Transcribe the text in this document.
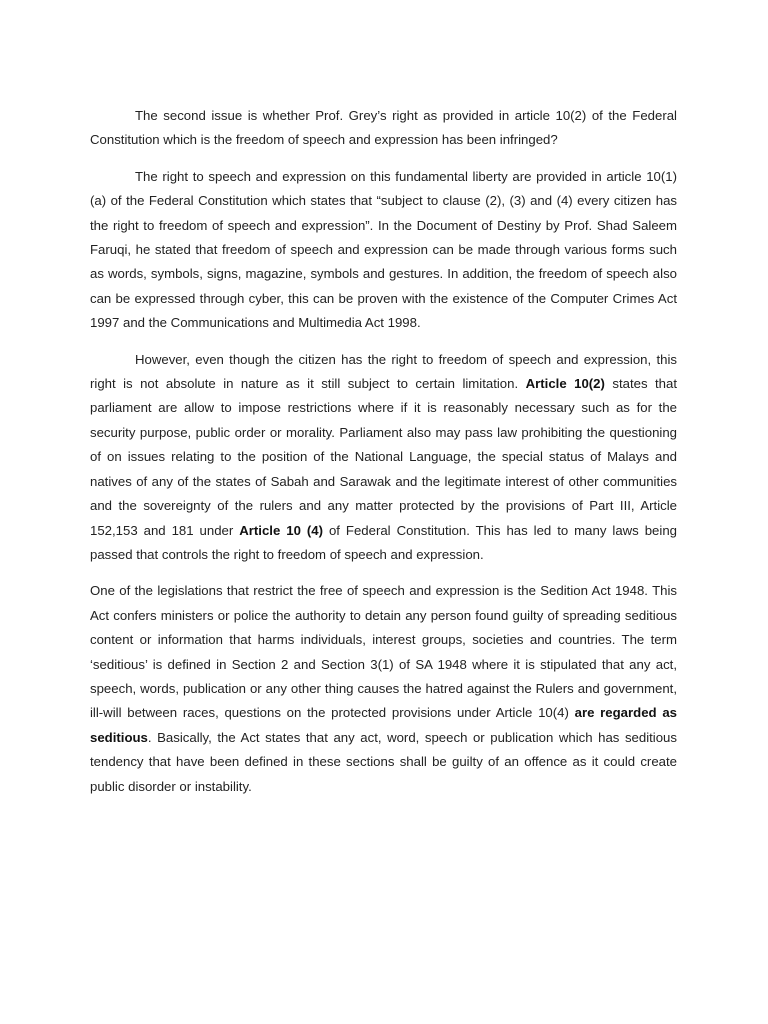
The second issue is whether Prof. Grey’s right as provided in article 10(2) of the Federal Constitution which is the freedom of speech and expression has been infringed?

The right to speech and expression on this fundamental liberty are provided in article 10(1)(a) of the Federal Constitution which states that “subject to clause (2), (3) and (4) every citizen has the right to freedom of speech and expression”. In the Document of Destiny by Prof. Shad Saleem Faruqi, he stated that freedom of speech and expression can be made through various forms such as words, symbols, signs, magazine, symbols and gestures. In addition, the freedom of speech also can be expressed through cyber, this can be proven with the existence of the Computer Crimes Act 1997 and the Communications and Multimedia Act 1998.

However, even though the citizen has the right to freedom of speech and expression, this right is not absolute in nature as it still subject to certain limitation. Article 10(2) states that parliament are allow to impose restrictions where if it is reasonably necessary such as for the security purpose, public order or morality. Parliament also may pass law prohibiting the questioning of on issues relating to the position of the National Language, the special status of Malays and natives of any of the states of Sabah and Sarawak and the legitimate interest of other communities and the sovereignty of the rulers and any matter protected by the provisions of Part III, Article 152,153 and 181 under Article 10 (4) of Federal Constitution. This has led to many laws being passed that controls the right to freedom of speech and expression.

One of the legislations that restrict the free of speech and expression is the Sedition Act 1948. This Act confers ministers or police the authority to detain any person found guilty of spreading seditious content or information that harms individuals, interest groups, societies and countries. The term ‘seditious’ is defined in Section 2 and Section 3(1) of SA 1948 where it is stipulated that any act, speech, words, publication or any other thing causes the hatred against the Rulers and government, ill-will between races, questions on the protected provisions under Article 10(4) are regarded as seditious. Basically, the Act states that any act, word, speech or publication which has seditious tendency that have been defined in these sections shall be guilty of an offence as it could create public disorder or instability.
